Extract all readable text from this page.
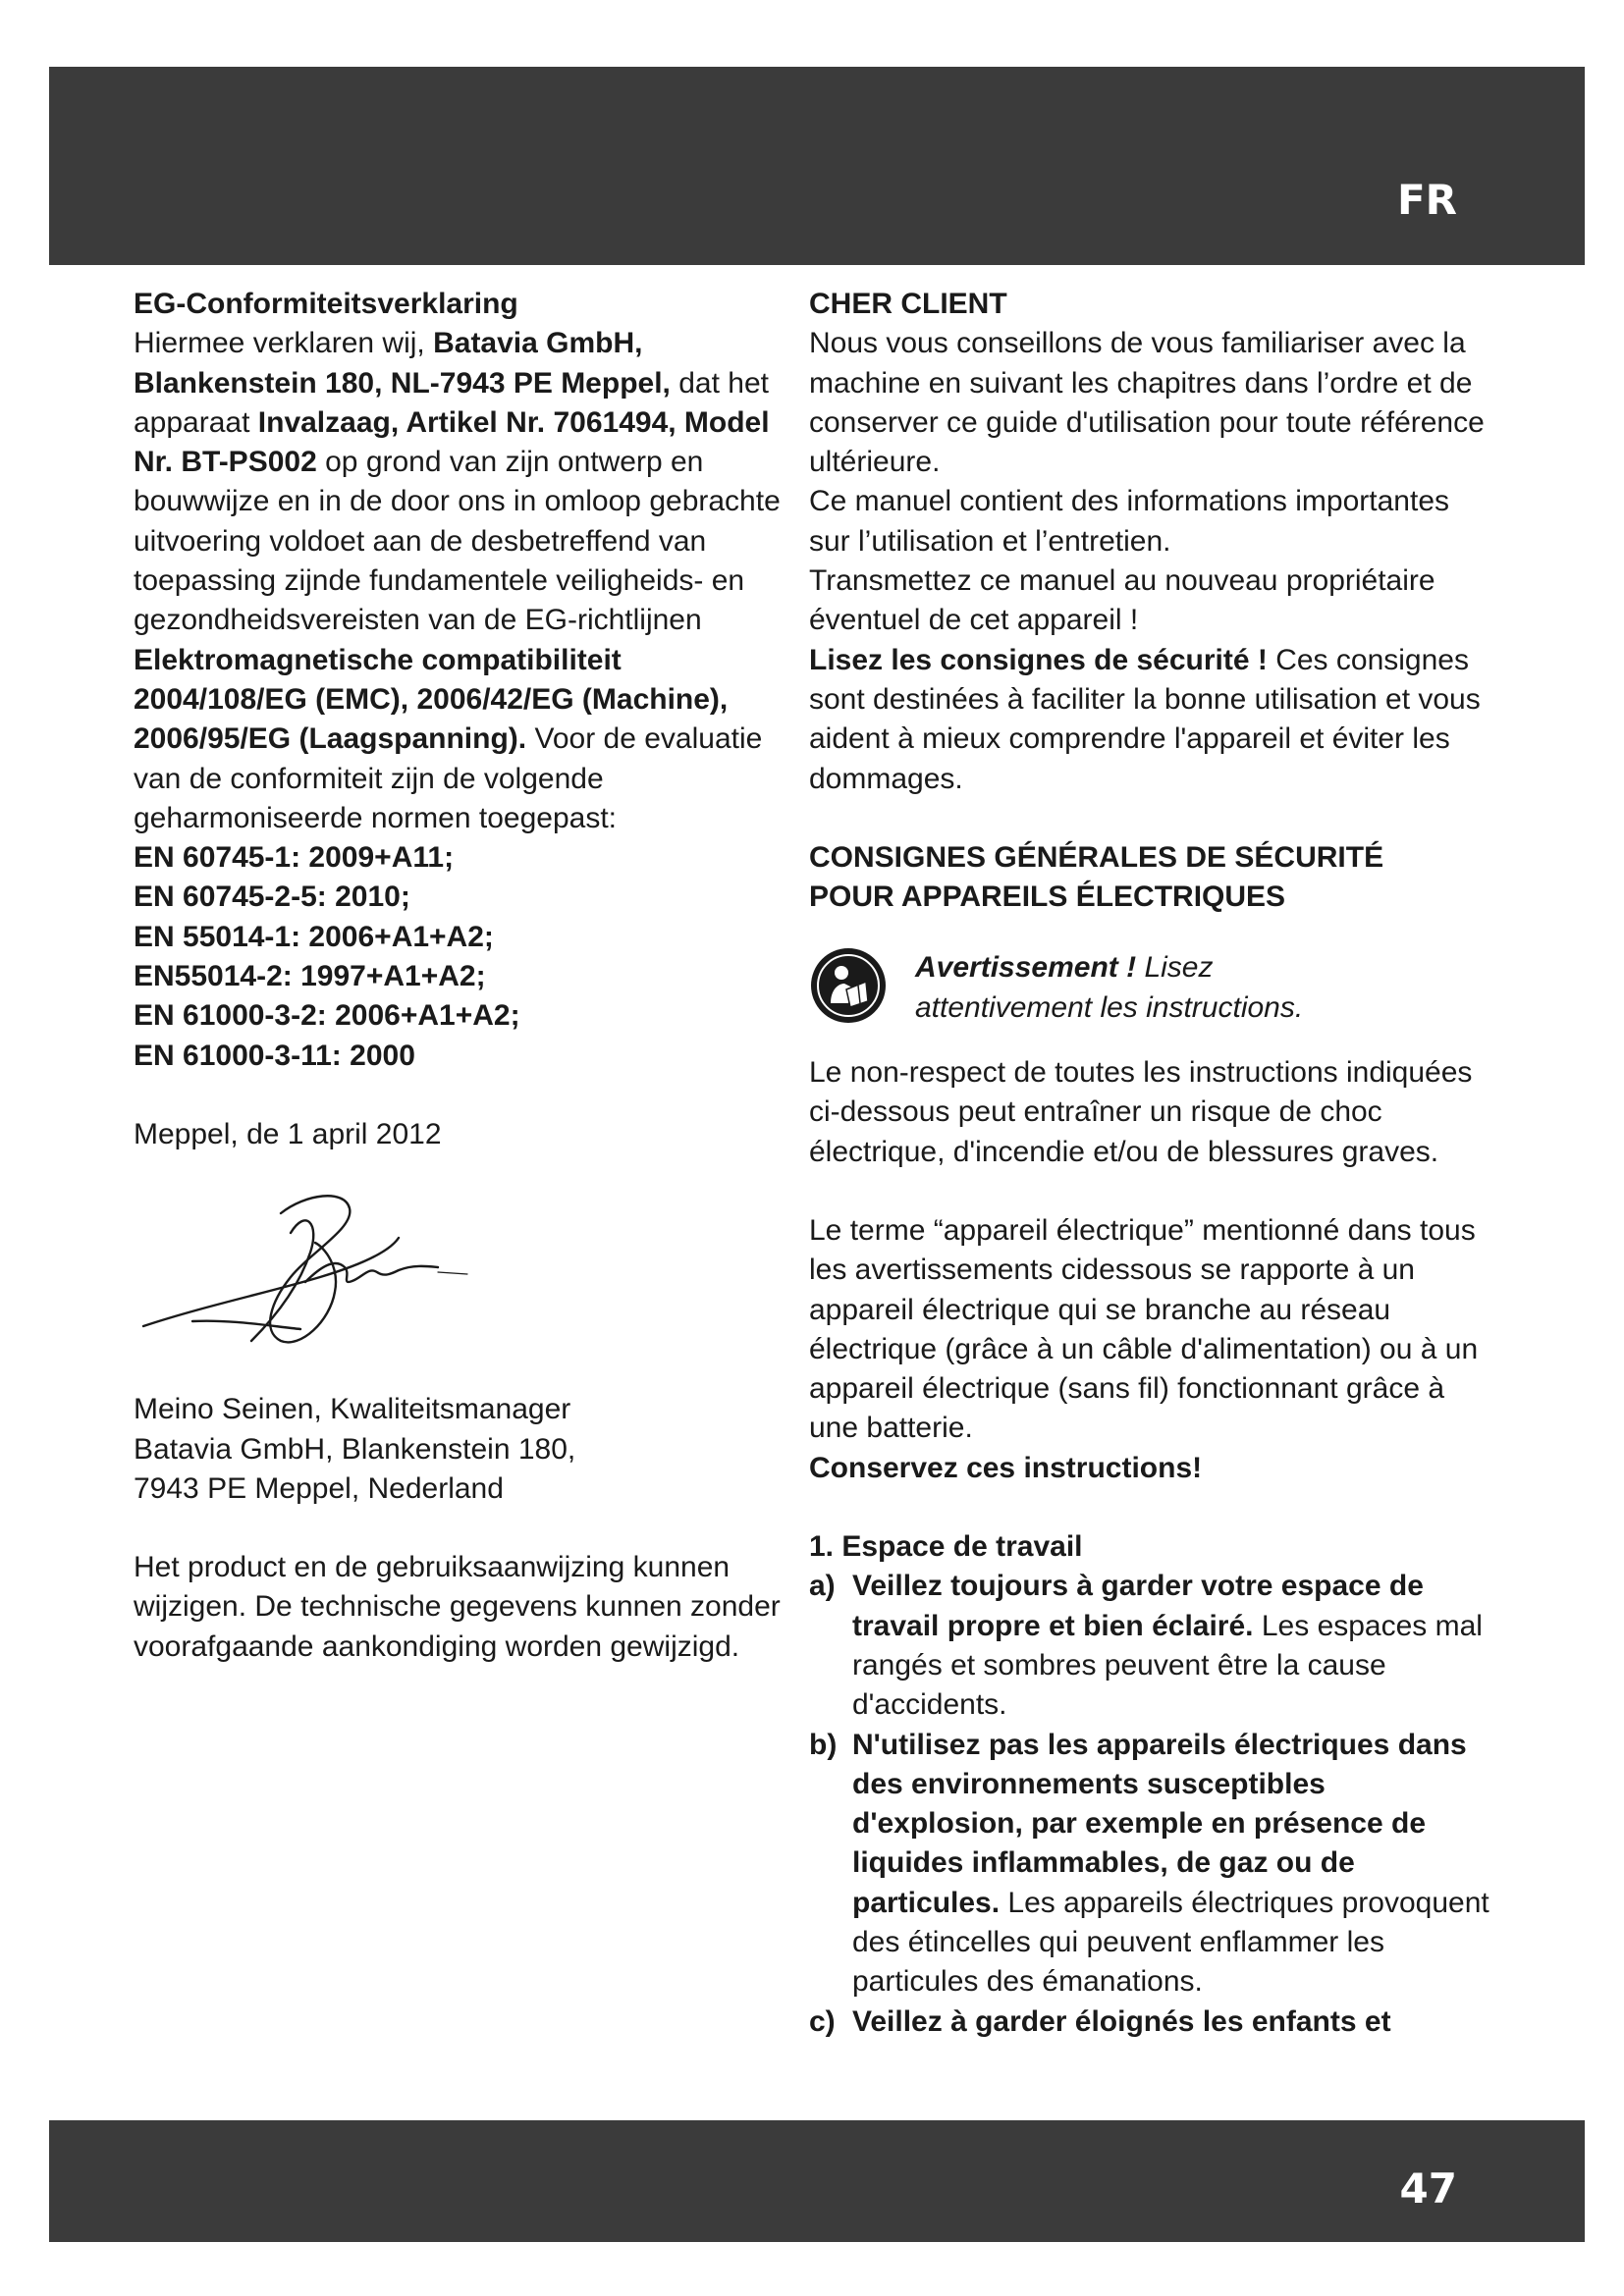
FR

EG-Conformiteitsverklaring

Hiermee verklaren wij, Batavia GmbH, Blankenstein 180, NL-7943 PE Meppel, dat het apparaat Invalzaag, Artikel Nr. 7061494, Model Nr. BT-PS002 op grond van zijn ontwerp en bouwwijze en in de door ons in omloop gebrachte uitvoering voldoet aan de desbetreffend van toepassing zijnde fundamentele veiligheids- en gezondheidsvereisten van de EG-richtlijnen Elektromagnetische compatibiliteit 2004/108/EG (EMC), 2006/42/EG (Machine), 2006/95/EG (Laagspanning). Voor de evaluatie van de conformiteit zijn de volgende geharmoniseerde normen toegepast:

EN 60745-1: 2009+A11;

EN 60745-2-5: 2010;

EN 55014-1: 2006+A1+A2;

EN55014-2: 1997+A1+A2;

EN 61000-3-2: 2006+A1+A2;

EN 61000-3-11: 2000

Meppel, de 1 april 2012

Meino Seinen, Kwaliteitsmanager

Batavia GmbH, Blankenstein 180,

7943 PE Meppel, Nederland

Het product en de gebruiksaanwijzing kunnen wijzigen. De technische gegevens kunnen zonder voorafgaande aankondiging worden gewijzigd.

CHER CLIENT

Nous vous conseillons de vous familiariser avec la machine en suivant les chapitres dans l’ordre et de conserver ce guide d'utilisation pour toute référence ultérieure.

Ce manuel contient des informations importantes sur l’utilisation et l’entretien.

Transmettez ce manuel au nouveau propriétaire éventuel de cet appareil !

Lisez les consignes de sécurité ! Ces consignes sont destinées à faciliter la bonne utilisation et vous aident à mieux comprendre l'appareil et éviter les dommages.

CONSIGNES GÉNÉRALES DE SÉCURITÉ

POUR APPAREILS ÉLECTRIQUES

Avertissement ! Lisez
attentivement les instructions.

Le non-respect de toutes les instructions indiquées ci-dessous peut entraîner un risque de choc électrique, d'incendie et/ou de blessures graves.

Le terme “appareil électrique” mentionné dans tous les avertissements cidessous se rapporte à un appareil électrique qui se branche au réseau électrique (grâce à un câble d'alimentation) ou à un appareil électrique (sans fil) fonctionnant grâce à une batterie.

Conservez ces instructions!

1. Espace de travail

a) Veillez toujours à garder votre espace de travail propre et bien éclairé. Les espaces mal rangés et sombres peuvent être la cause d'accidents.
b) N'utilisez pas les appareils électriques dans des environnements susceptibles d'explosion, par exemple en présence de liquides inflammables, de gaz ou de particules. Les appareils électriques provoquent des étincelles qui peuvent enflammer les particules des émanations.
c) Veillez à garder éloignés les enfants et
47
